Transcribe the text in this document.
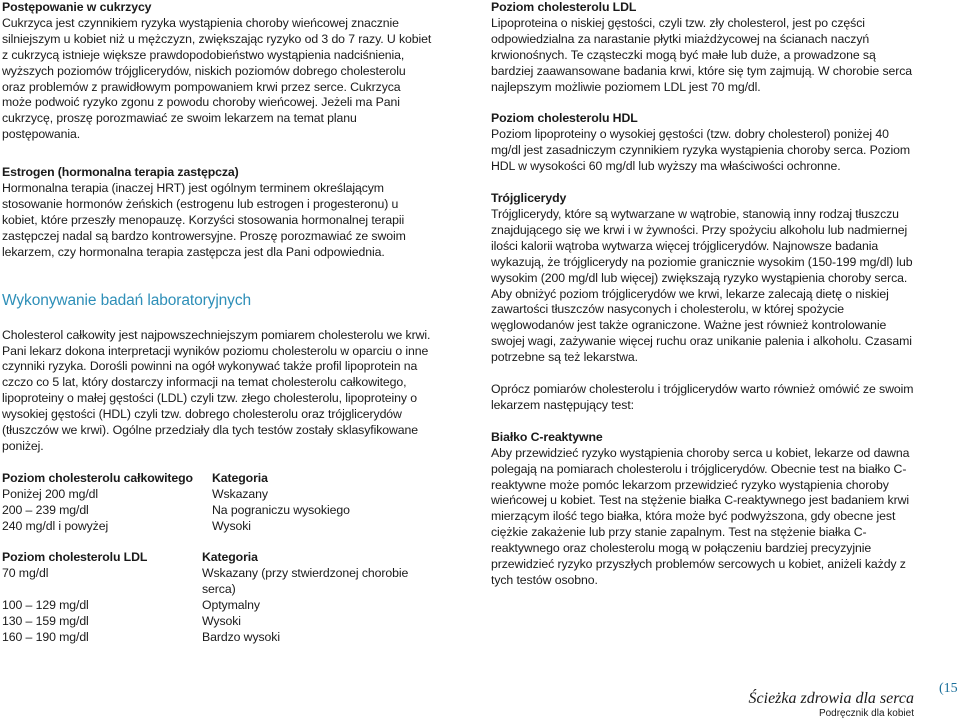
Postępowanie w cukrzycy

Cukrzyca jest czynnikiem ryzyka wystąpienia choroby wieńcowej znacznie silniejszym u kobiet niż u mężczyzn, zwiększając ryzyko od 3 do 7 razy. U kobiet z cukrzycą istnieje większe prawdopodobieństwo wystąpienia nadciśnienia, wyższych poziomów trójglicerydów, niskich poziomów dobrego cholesterolu oraz problemów z prawidłowym pompowaniem krwi przez serce. Cukrzyca może podwoić ryzyko zgonu z powodu choroby wieńcowej. Jeżeli ma Pani cukrzycę, proszę porozmawiać ze swoim lekarzem na temat planu postępowania.

Estrogen (hormonalna terapia zastępcza)

Hormonalna terapia (inaczej HRT) jest ogólnym terminem określającym stosowanie hormonów żeńskich (estrogenu lub estrogen i progesteronu) u kobiet, które przeszły menopauzę. Korzyści stosowania hormonalnej terapii zastępczej nadal są bardzo kontrowersyjne. Proszę porozmawiać ze swoim lekarzem, czy hormonalna terapia zastępcza jest dla Pani odpowiednia.

Wykonywanie badań laboratoryjnych

Cholesterol całkowity jest najpowszechniejszym pomiarem cholesterolu we krwi. Pani lekarz dokona interpretacji wyników poziomu cholesterolu w oparciu o inne czynniki ryzyka. Dorośli powinni na ogół wykonywać także profil lipoprotein na czczo co 5 lat, który dostarczy informacji na temat cholesterolu całkowitego, lipoproteiny o małej gęstości (LDL) czyli tzw. złego cholesterolu, lipoproteiny o wysokiej gęstości (HDL) czyli tzw. dobrego cholesterolu oraz trójglicerydów (tłuszczów we krwi). Ogólne przedziały dla tych testów zostały sklasyfikowane poniżej.

Poziom cholesterolu całkowitego	Kategoria
Poniżej 200 mg/dl	Wskazany
200 – 239 mg/dl	Na pograniczu wysokiego
240 mg/dl i powyżej	Wysoki
Poziom cholesterolu LDL	Kategoria
70 mg/dl	Wskazany (przy stwierdzonej chorobie serca)
100 – 129 mg/dl	Optymalny
130 – 159 mg/dl	Wysoki
160 – 190 mg/dl	Bardzo wysoki
Poziom cholesterolu LDL

Lipoproteina o niskiej gęstości, czyli tzw. zły cholesterol, jest po części odpowiedzialna za narastanie płytki miażdżycowej na ścianach naczyń krwionośnych. Te cząsteczki mogą być małe lub duże, a prowadzone są bardziej zaawansowane badania krwi, które się tym zajmują. W chorobie serca najlepszym możliwie poziomem LDL jest 70 mg/dl.

Poziom cholesterolu HDL

Poziom lipoproteiny o wysokiej gęstości (tzw. dobry cholesterol) poniżej 40 mg/dl jest zasadniczym czynnikiem ryzyka wystąpienia choroby serca. Poziom HDL w wysokości 60 mg/dl lub wyższy ma właściwości ochronne.

Trójglicerydy

Trójglicerydy, które są wytwarzane w wątrobie, stanowią inny rodzaj tłuszczu znajdującego się we krwi i w żywności. Przy spożyciu alkoholu lub nadmiernej ilości kalorii wątroba wytwarza więcej trójglicerydów. Najnowsze badania wykazują, że trójglicerydy na poziomie granicznie wysokim (150-199 mg/dl) lub wysokim (200 mg/dl lub więcej) zwiększają ryzyko wystąpienia choroby serca. Aby obniżyć poziom trójglicerydów we krwi, lekarze zalecają dietę o niskiej zawartości tłuszczów nasyconych i cholesterolu, w której spożycie węglowodanów jest także ograniczone. Ważne jest również kontrolowanie swojej wagi, zażywanie więcej ruchu oraz unikanie palenia i alkoholu. Czasami potrzebne są też lekarstwa.

Oprócz pomiarów cholesterolu i trójglicerydów warto również omówić ze swoim lekarzem następujący test:

Białko C-reaktywne

Aby przewidzieć ryzyko wystąpienia choroby serca u kobiet, lekarze od dawna polegają na pomiarach cholesterolu i trójglicerydów. Obecnie test na białko C-reaktywne może pomóc lekarzom przewidzieć ryzyko wystąpienia choroby wieńcowej u kobiet. Test na stężenie białka C-reaktywnego jest badaniem krwi mierzącym ilość tego białka, która może być podwyższona, gdy obecne jest ciężkie zakażenie lub przy stanie zapalnym. Test na stężenie białka C-reaktywnego oraz cholesterolu mogą w połączeniu bardziej precyzyjnie przewidzieć ryzyko przyszłych problemów sercowych u kobiet, aniżeli każdy z tych testów osobno.

Ścieżka zdrowia dla serca
Podręcznik dla kobiet
(15
